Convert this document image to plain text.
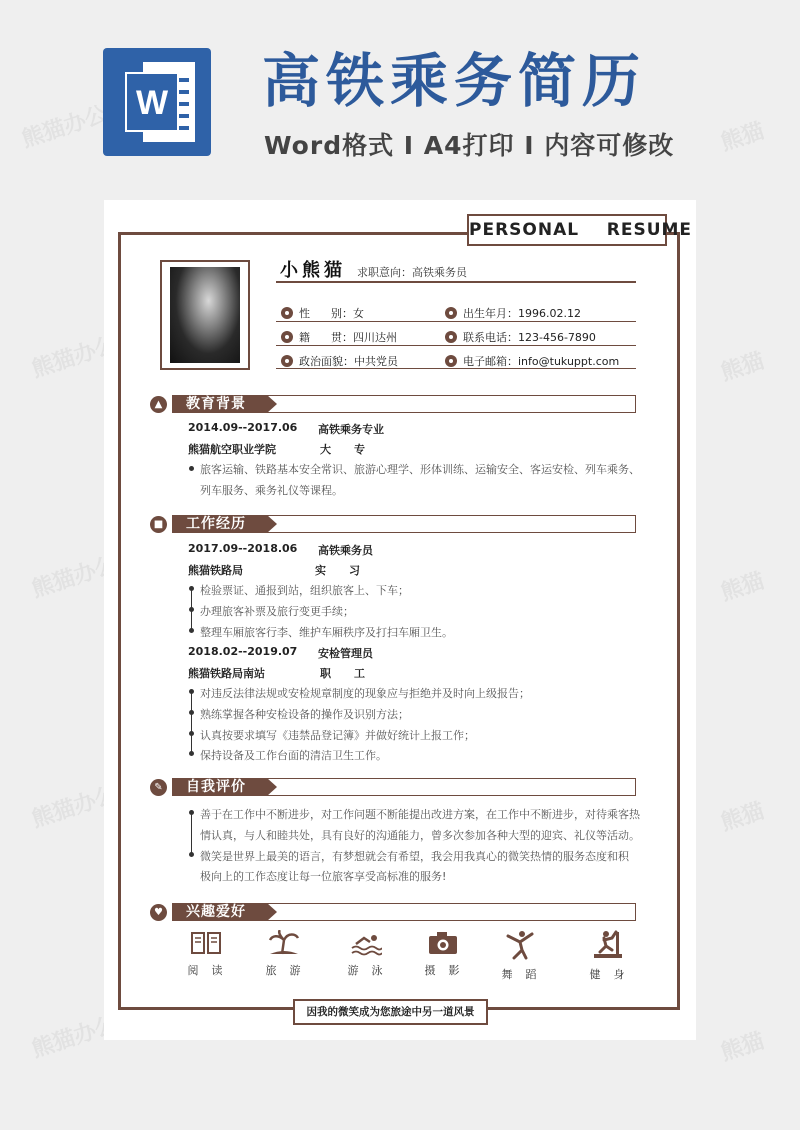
熊猫办公	熊猫
熊猫办公	熊猫
熊猫办公	熊猫
熊猫办公	熊猫
熊猫办公	熊猫
W 高铁乘务简历
Word格式 I A4打印 I 内容可修改
PERSONAL    RESUME
小熊猫 求职意向：高铁乘务员
性      别：女	出生年月：1996.02.12
籍      贯：四川达州	联系电话：123-456-7890
政治面貌：中共党员	电子邮箱：info@tukuppt.com
▲	教育背景
2014.09--2017.06 高铁乘务专业
熊猫航空职业学院	大      专
旅客运输、铁路基本安全常识、旅游心理学、形体训练、运输安全、客运安检、列车乘务、
列车服务、乘务礼仪等课程。
■	工作经历
2017.09--2018.06 高铁乘务员
熊猫铁路局	实      习
检验票证、通报到站，组织旅客上、下车；
办理旅客补票及旅行变更手续；
整理车厢旅客行李、维护车厢秩序及打扫车厢卫生。
2018.02--2019.07 安检管理员
熊猫铁路局南站	职      工
对违反法律法规或安检规章制度的现象应与拒绝并及时向上级报告；
熟练掌握各种安检设备的操作及识别方法；
认真按要求填写《违禁品登记簿》并做好统计上报工作；
保持设备及工作台面的清洁卫生工作。
✎	自我评价
善于在工作中不断进步，对工作问题不断能提出改进方案，在工作中不断进步，对待乘客热
情认真，与人和睦共处，具有良好的沟通能力，曾多次参加各种大型的迎宾、礼仪等活动。
微笑是世界上最美的语言，有梦想就会有希望，我会用我真心的微笑热情的服务态度和积
极向上的工作态度让每一位旅客享受高标准的服务!
♥	兴趣爱好
阅  读	旅  游	游  泳	摄  影	舞  蹈	健  身
因我的微笑成为您旅途中另一道风景
